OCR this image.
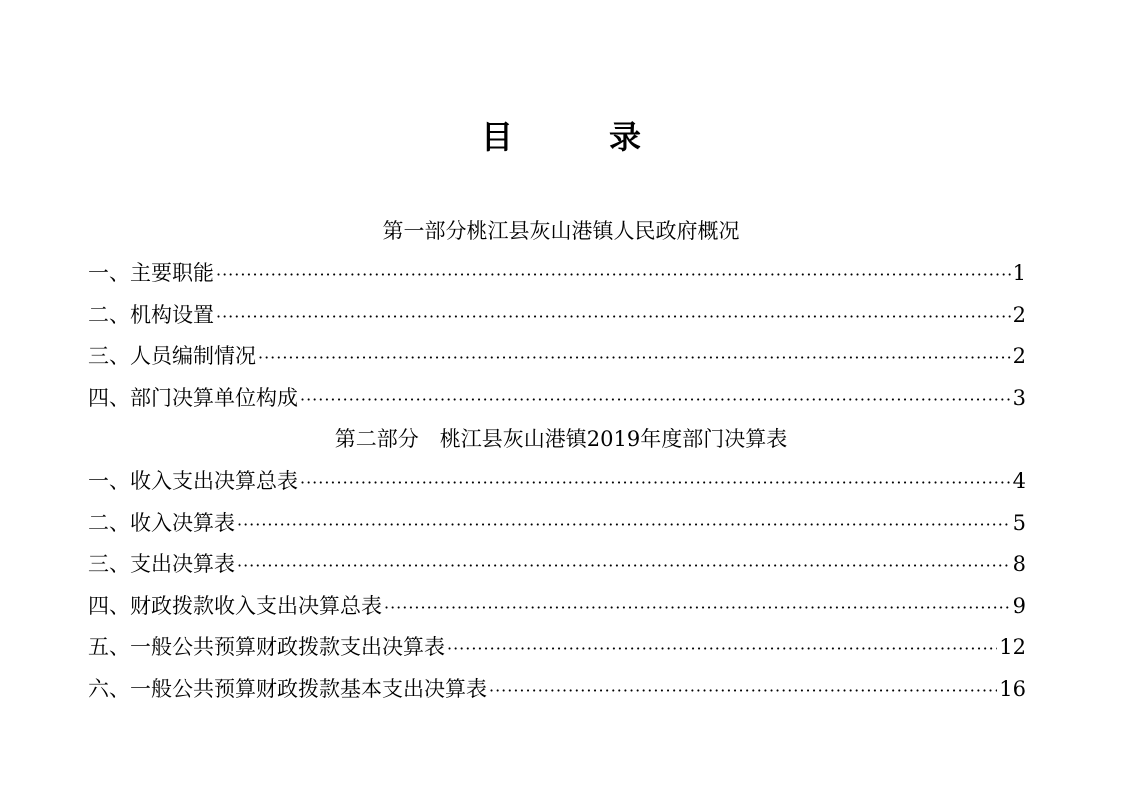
目　　　录
第一部分桃江县灰山港镇人民政府概况
一、主要职能 ·····	1
二、机构设置 ·····	2
三、人员编制情况 ·····	2
四、部门决算单位构成 ·····	3
第二部分　桃江县灰山港镇2019年度部门决算表
一、收入支出决算总表 ·····	4
二、收入决算表 ·····	5
三、支出决算表 ·····	8
四、财政拨款收入支出决算总表 ·····	9
五、一般公共预算财政拨款支出决算表 ·····	12
六、一般公共预算财政拨款基本支出决算表 ·····	16
